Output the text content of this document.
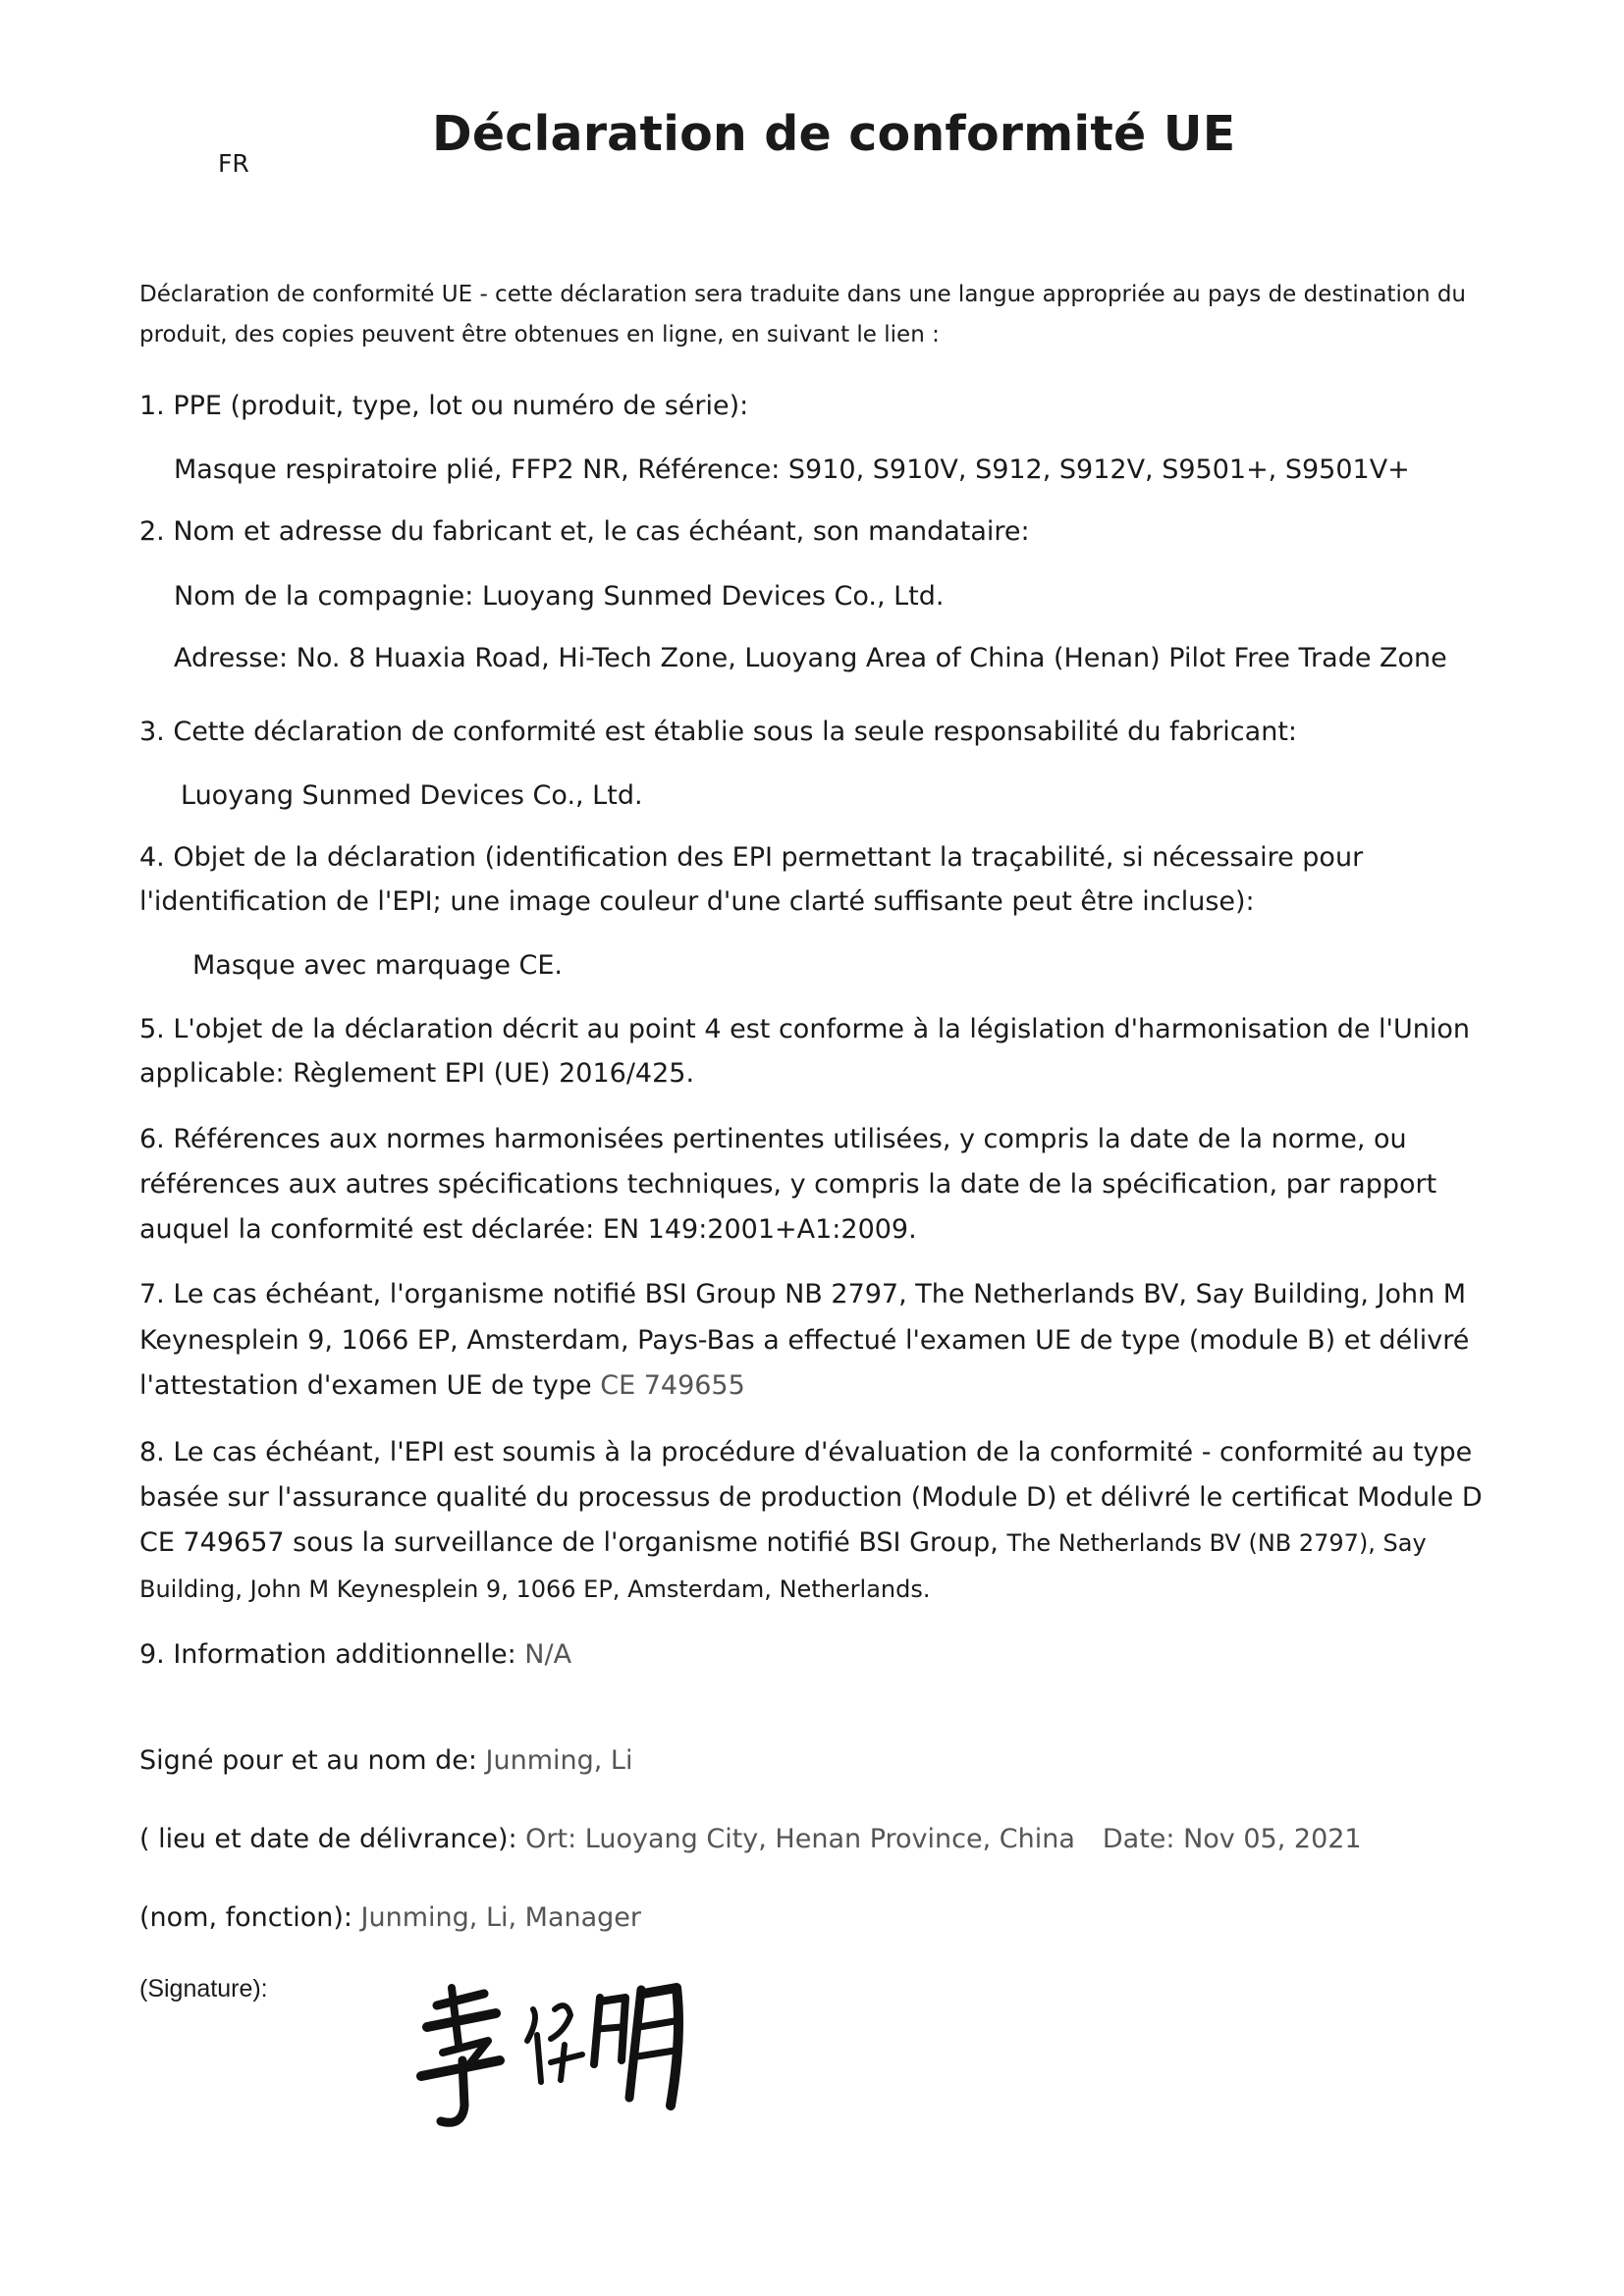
FR
Déclaration de conformité UE
Déclaration de conformité UE - cette déclaration sera traduite dans une langue appropriée au pays de destination du produit, des copies peuvent être obtenues en ligne, en suivant le lien :
1. PPE (produit, type, lot ou numéro de série):
Masque respiratoire plié, FFP2 NR, Référence: S910, S910V, S912, S912V, S9501+, S9501V+
2. Nom et adresse du fabricant et, le cas échéant, son mandataire:
Nom de la compagnie: Luoyang Sunmed Devices Co., Ltd.
Adresse: No. 8 Huaxia Road, Hi-Tech Zone, Luoyang Area of China (Henan) Pilot Free Trade Zone
3. Cette déclaration de conformité est établie sous la seule responsabilité du fabricant:
Luoyang Sunmed Devices Co., Ltd.
4. Objet de la déclaration (identification des EPI permettant la traçabilité, si nécessaire pour
l'identification de l'EPI; une image couleur d'une clarté suffisante peut être incluse):
Masque avec marquage CE.
5. L'objet de la déclaration décrit au point 4 est conforme à la législation d'harmonisation de l'Union
applicable: Règlement EPI (UE) 2016/425.
6. Références aux normes harmonisées pertinentes utilisées, y compris la date de la norme, ou
références aux autres spécifications techniques, y compris la date de la spécification, par rapport
auquel la conformité est déclarée: EN 149:2001+A1:2009.
7. Le cas échéant, l'organisme notifié BSI Group NB 2797, The Netherlands BV, Say Building, John M
Keynesplein 9, 1066 EP, Amsterdam, Pays-Bas a effectué l'examen UE de type (module B) et délivré
l'attestation d'examen UE de type CE 749655
8. Le cas échéant, l'EPI est soumis à la procédure d'évaluation de la conformité - conformité au type
basée sur l'assurance qualité du processus de production (Module D) et délivré le certificat Module D
CE 749657 sous la surveillance de l'organisme notifié BSI Group, The Netherlands BV (NB 2797), Say
Building, John M Keynesplein 9, 1066 EP, Amsterdam, Netherlands.
9. Information additionnelle: N/A
Signé pour et au nom de: Junming, Li
( lieu et date de délivrance): Ort: Luoyang City, Henan Province, China Date: Nov 05, 2021
(nom, fonction): Junming, Li, Manager
(Signature):
